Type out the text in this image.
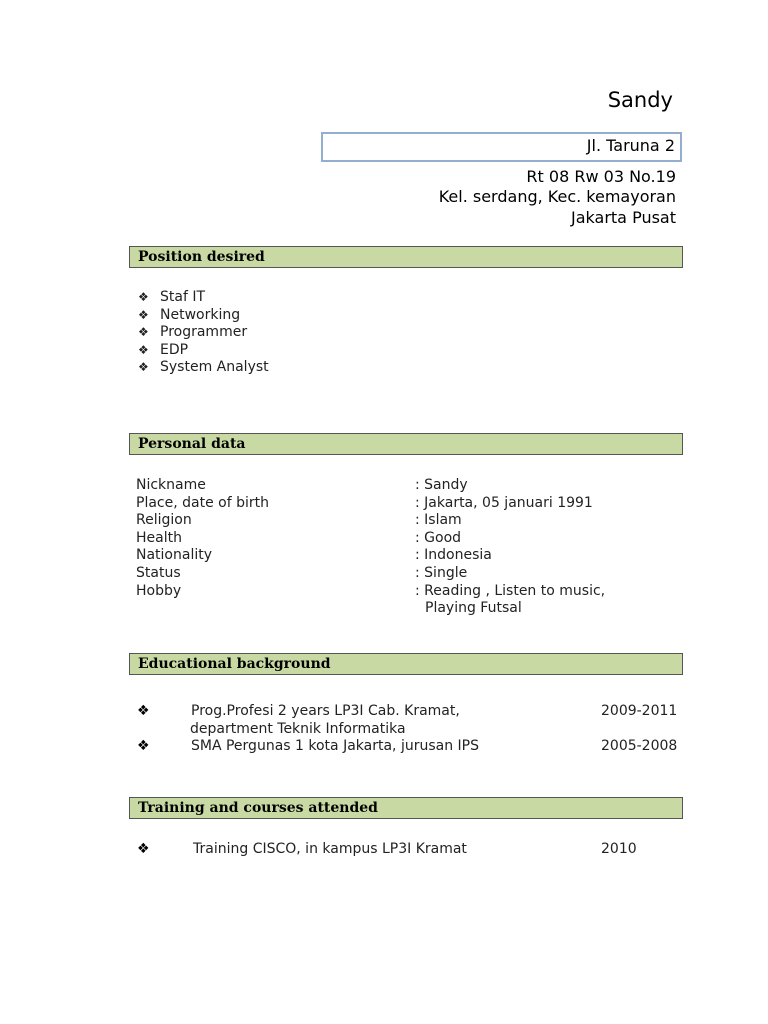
Sandy
Jl. Taruna 2
Rt 08 Rw 03 No.19
Kel. serdang, Kec. kemayoran
Jakarta Pusat
Position desired
❖ Staf IT
❖ Networking
❖ Programmer
❖ EDP
❖ System Analyst
Personal data
Nickname	: Sandy
Place, date of birth	: Jakarta, 05 januari 1991
Religion	: Islam
Health	: Good
Nationality	: Indonesia
Status	: Single
Hobby	: Reading , Listen to music,
Playing Futsal
Educational background
❖	Prog.Profesi 2 years LP3I Cab. Kramat,	2009-2011
department Teknik Informatika
❖	SMA Pergunas 1 kota Jakarta, jurusan IPS	2005-2008
Training and courses attended
❖	Training CISCO, in kampus LP3I Kramat	2010
